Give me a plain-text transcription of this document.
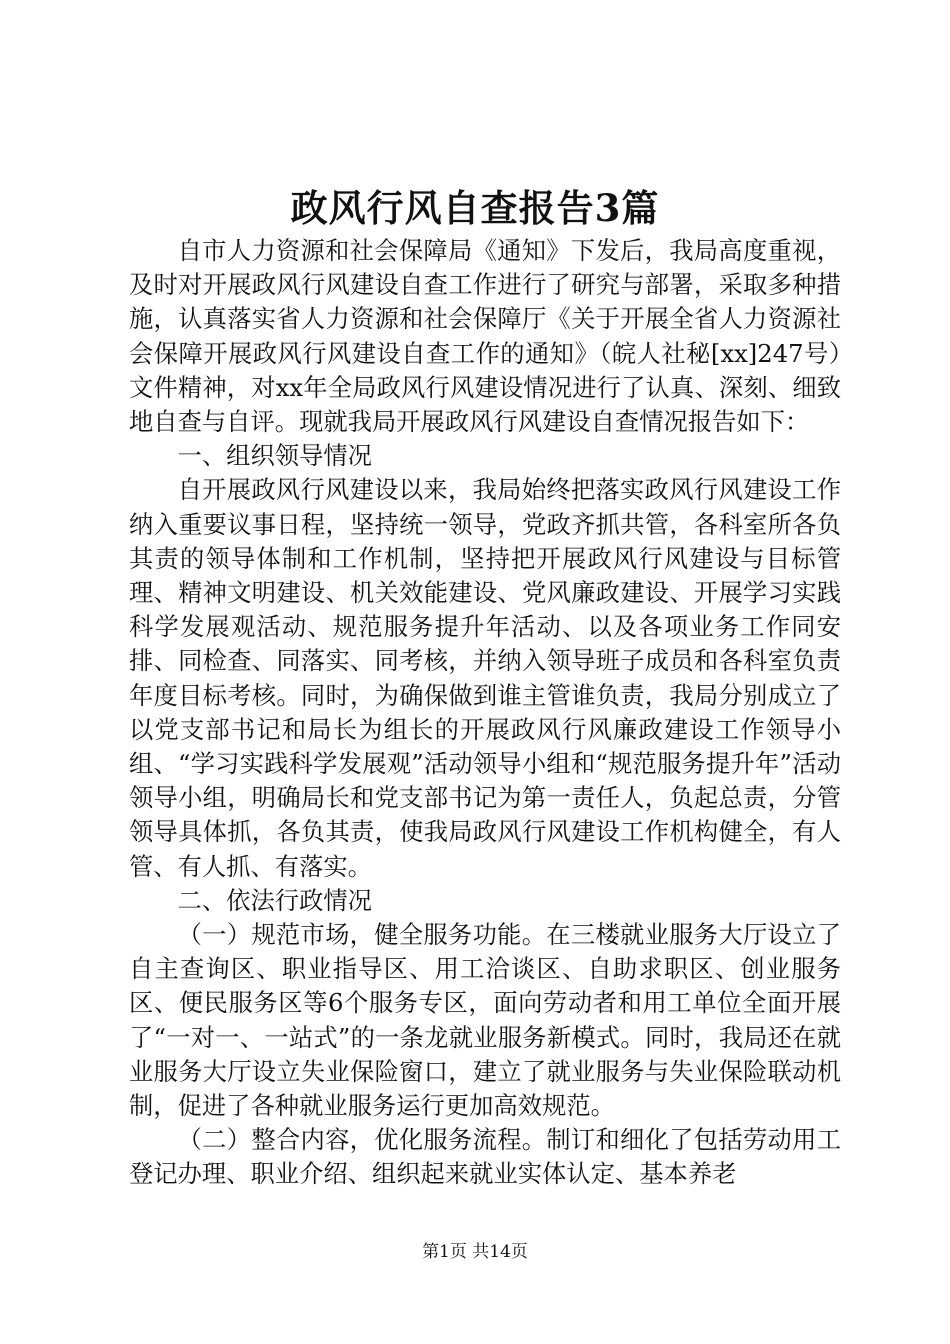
政风行风自查报告3篇

自市人力资源和社会保障局《通知》下发后，我局高度重视，及时对开展政风行风建设自查工作进行了研究与部署，采取多种措施，认真落实省人力资源和社会保障厅《关于开展全省人力资源社会保障开展政风行风建设自查工作的通知》（皖人社秘[xx]247号）文件精神，对xx年全局政风行风建设情况进行了认真、深刻、细致地自查与自评。现就我局开展政风行风建设自查情况报告如下：

一、组织领导情况

自开展政风行风建设以来，我局始终把落实政风行风建设工作纳入重要议事日程，坚持统一领导，党政齐抓共管，各科室所各负其责的领导体制和工作机制，坚持把开展政风行风建设与目标管理、精神文明建设、机关效能建设、党风廉政建设、开展学习实践科学发展观活动、规范服务提升年活动、以及各项业务工作同安排、同检查、同落实、同考核，并纳入领导班子成员和各科室负责年度目标考核。同时，为确保做到谁主管谁负责，我局分别成立了以党支部书记和局长为组长的开展政风行风廉政建设工作领导小组、“学习实践科学发展观”活动领导小组和“规范服务提升年”活动领导小组，明确局长和党支部书记为第一责任人，负起总责，分管领导具体抓，各负其责，使我局政风行风建设工作机构健全，有人管、有人抓、有落实。

二、依法行政情况

（一）规范市场，健全服务功能。在三楼就业服务大厅设立了自主查询区、职业指导区、用工洽谈区、自助求职区、创业服务区、便民服务区等6个服务专区，面向劳动者和用工单位全面开展了“一对一、一站式”的一条龙就业服务新模式。同时，我局还在就业服务大厅设立失业保险窗口，建立了就业服务与失业保险联动机制，促进了各种就业服务运行更加高效规范。

（二）整合内容，优化服务流程。制订和细化了包括劳动用工登记办理、职业介绍、组织起来就业实体认定、基本养老

第1页 共14页
